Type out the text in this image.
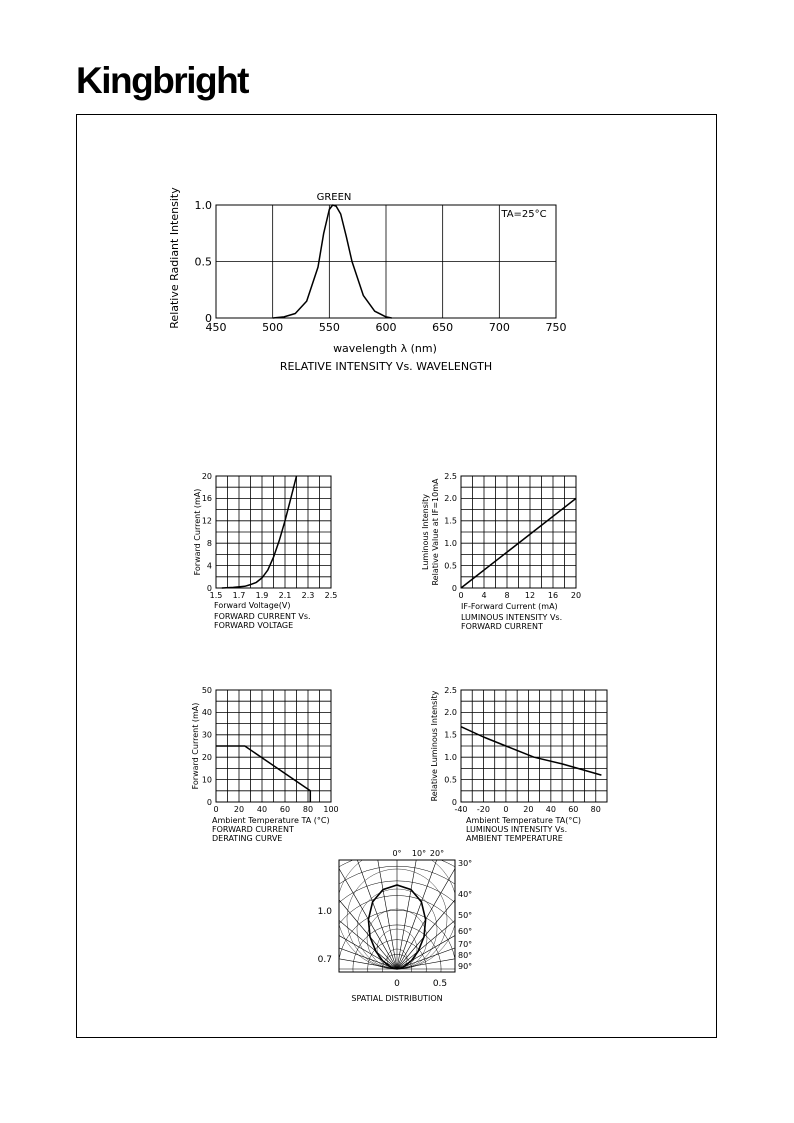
Kingbright
450	500	550	600	650	700	750
0
0.5
1.0
RELATIVE INTENSITY Vs. WAVELENGTH
wavelength λ (nm)
Relative Radiant Intensity	GREEN
TA=25°C
1.5 1.7 1.9 2.1 2.3 2.5
0
4
8
12
16
20
Forward Voltage(V)
FORWARD CURRENT Vs.
FORWARD VOLTAGE
Forward Current (mA)
0 4 8 12 16 20
0
0.5
1.0
1.5
2.0
2.5
IF-Forward Current (mA)
LUMINOUS INTENSITY Vs.
FORWARD CURRENT
Luminous Intensity Relative Value at IF=10mA
0 20 40 60 80 100
0
10
20
30
40
50
Ambient Temperature TA (°C)
FORWARD CURRENT
DERATING CURVE
Forward Current (mA)
-40 -20 0 20 40 60 80
0
0.5
1.0
1.5
2.0
2.5
Ambient Temperature TA(°C)
LUMINOUS INTENSITY Vs.
AMBIENT TEMPERATURE
Relative Luminous Intensity
0° 10° 20°
30°
40°
50°
60°
70°
80°
90°
1.0
0.7
0	0.5
SPATIAL DISTRIBUTION
